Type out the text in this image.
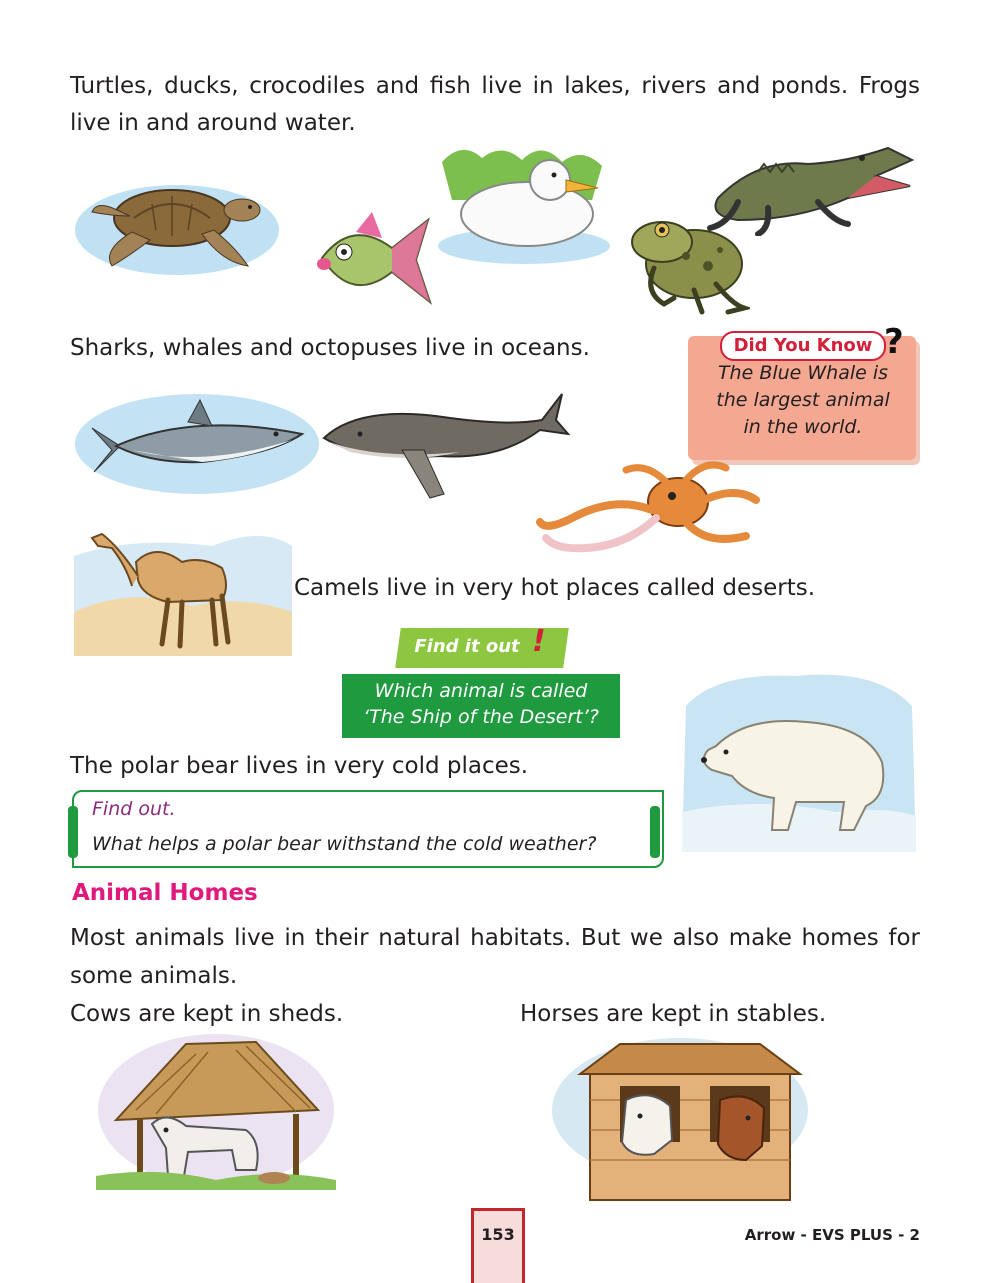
Turtles, ducks, crocodiles and fish live in lakes, rivers and ponds. Frogs
live in and around water.
Sharks, whales and octopuses live in oceans.	Did You Know ?
The Blue Whale is
the largest animal
in the world.
Camels live in very hot places called deserts.
Find it out !
Which animal is called
‘The Ship of the Desert’?
The polar bear lives in very cold places.
Find out.
What helps a polar bear withstand the cold weather?
Animal Homes
Most animals live in their natural habitats. But we also make homes for
some animals.
Cows are kept in sheds.	Horses are kept in stables.
153	Arrow - EVS PLUS - 2
